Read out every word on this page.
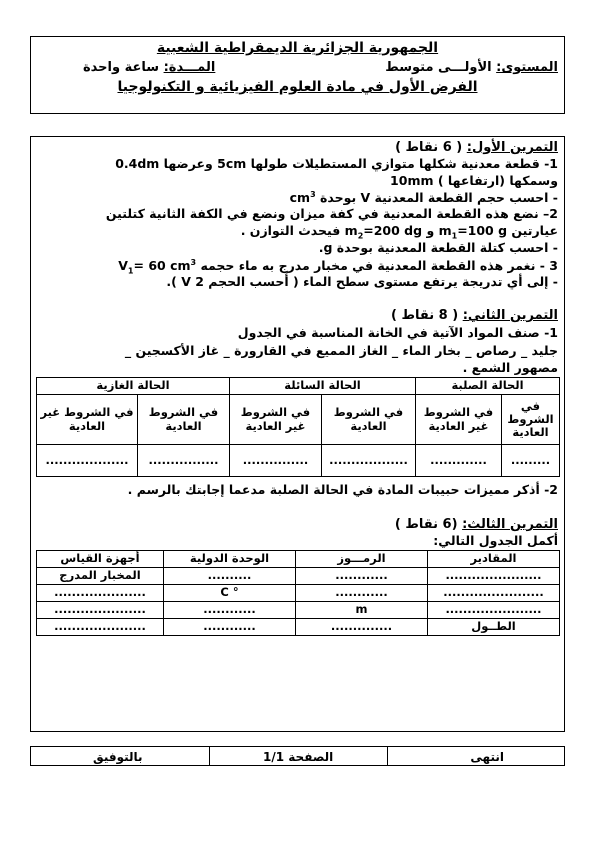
الجمهورية الجزائرية الديمقراطية الشعبية
المستوى: الأولـــى متوسط
المـــدة: ساعة واحدة
الفرض الأول في مادة العلوم الفيزيائية و التكنولوجيا
التمرين الأول: ( 6 نقاط )
1- قطعة معدنية شكلها متوازي المستطيلات طولها 5cm وعرضها 0.4dm
وسمكها (ارتفاعها ) 10mm
- احسب حجم القطعة المعدنية V بوحدة $cm^3$
2– نضع هذه القطعة المعدنية في كفة ميزان ونضع في الكفة الثانية كتلتين
عيارتين $m_1=100$ g و $m_2=200$ dg فيحدث التوازن .
- احسب كتلة القطعة المعدنية بوحدة g.
3 - نغمر هذه القطعة المعدنية في مخبار مدرج به ماء حجمه $V_1= 60$ $cm^3$
- إلى أي تدريجة يرتفع مستوى سطح الماء ( أحسب الحجم V 2 ).
التمرين الثاني: ( 8 نقاط )
1- صنف المواد الآتية في الخانة المناسبة في الجدول
جليد _ رصاص _ بخار الماء _ الغاز الممیع في القارورة _ غاز الأكسجين _
مصهور الشمع .
الحالة الصلبة		الحالة السائلة		الحالة الغازية	
في الشروط العادية	في الشروط غير العادية	في الشروط العادية	في الشروط غير العادية	في الشروط العادية	في الشروط غير العادية
.........	.............	..................	...............	................	...................
2- أذكر مميزات حبيبات المادة في الحالة الصلبة مدعما إجابتك بالرسم .
التمرين الثالث: (6 نقاط )
أكمل الجدول التالي:
المقادير	الرمـــوز	الوحدة الدولية	أجهزة القياس
......................	............	..........	المخبار المدرج
.......................	............	° C	.....................
......................	m	............	.....................
الطــول	..............	............	.....................
انتهى
الصفحة 1/1
بالتوفيق
